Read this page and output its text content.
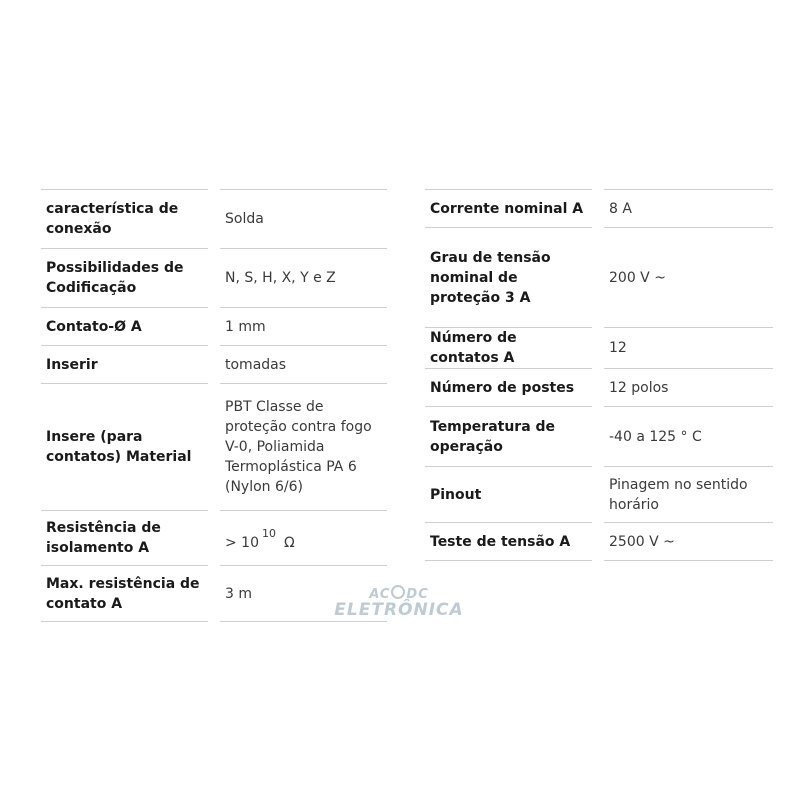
característica de conexão		Solda
Possibilidades de Codificação		N, S, H, X, Y e Z
Contato-Ø A		1 mm
Inserir		tomadas
Insere (para contatos) Material		PBT Classe de proteção contra fogo V-0, Poliamida Termoplástica PA 6 (Nylon 6/6)
Resistência de isolamento A		> $10^{10}\Omega$
Max. resistência de contato A		3 m
Corrente nominal A		8 A
Grau de tensão nominal de proteção 3 A		200 V ~
Número de contatos A		12
Número de postes		12 polos
Temperatura de operação		-40 a 125 ° C
Pinout		Pinagem no sentido horário
Teste de tensão A		2500 V ~
AC DC
ELETRÔNICA
